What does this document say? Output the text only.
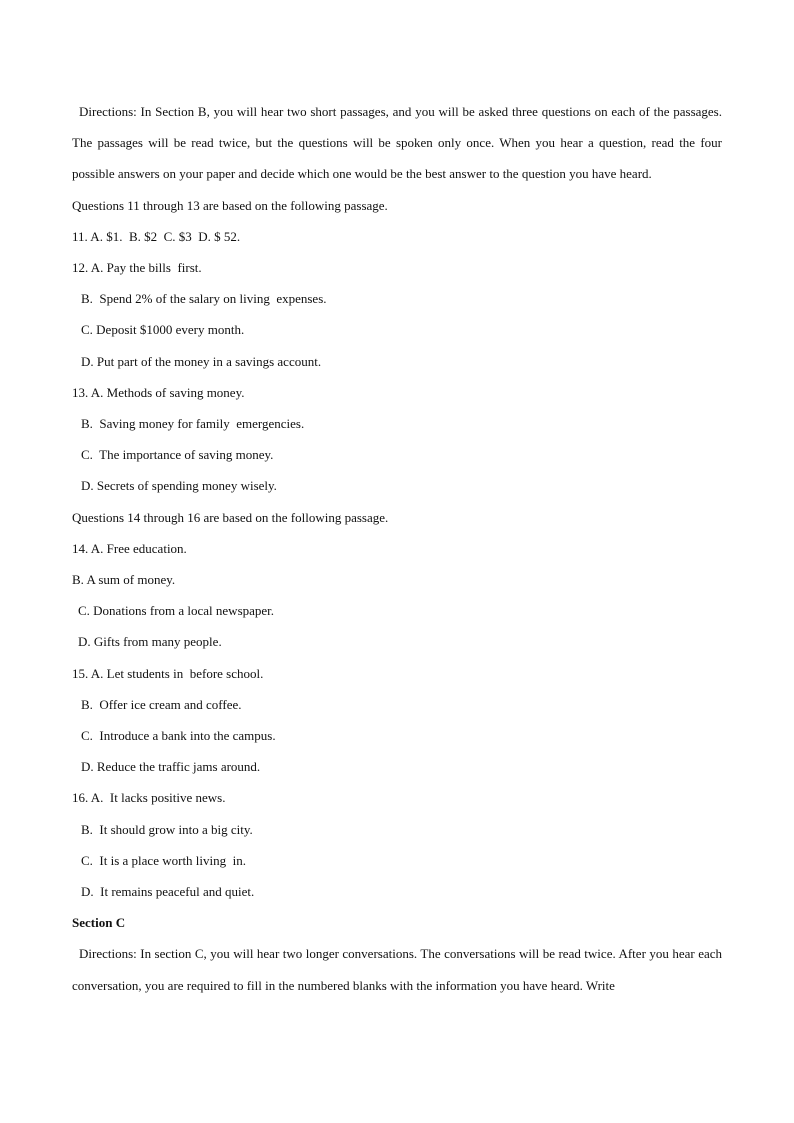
Directions: In Section B, you will hear two short passages, and you will be asked three questions on each of the passages. The passages will be read twice, but the questions will be spoken only once. When you hear a question, read the four possible answers on your paper and decide which one would be the best answer to the question you have heard.

Questions 11 through 13 are based on the following passage.

11. A. $1.  B. $2  C. $3  D. $ 52.

12. A. Pay the bills  first.

B.  Spend 2% of the salary on living  expenses.

C. Deposit $1000 every month.

D. Put part of the money in a savings account.

13. A. Methods of saving money.

B.  Saving money for family  emergencies.

C.  The importance of saving money.

D. Secrets of spending money wisely.

Questions 14 through 16 are based on the following passage.

14. A. Free education.

B. A sum of money.

C. Donations from a local newspaper.

D. Gifts from many people.

15. A. Let students in  before school.

B.  Offer ice cream and coffee.

C.  Introduce a bank into the campus.

D. Reduce the traffic jams around.

16. A.  It lacks positive news.

B.  It should grow into a big city.

C.  It is a place worth living  in.

D.  It remains peaceful and quiet.

Section C

Directions: In section C, you will hear two longer conversations. The conversations will be read twice. After you hear each conversation, you are required to fill in the numbered blanks with the information you have heard. Write
